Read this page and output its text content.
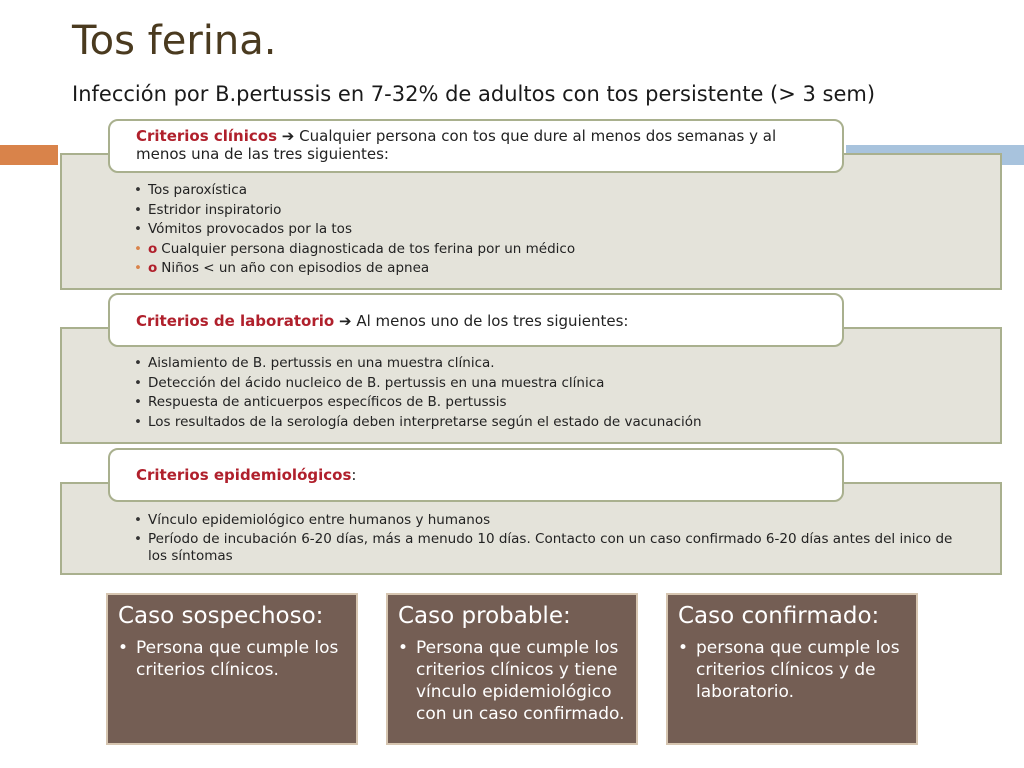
Tos ferina.
Infección por B.pertussis en 7-32% de adultos con tos persistente (> 3 sem)
• Tos paroxística
• Estridor inspiratorio
• Vómitos provocados por la tos
• o Cualquier persona diagnosticada de tos ferina por un médico
• o Niños < un año con episodios de apnea
Criterios clínicos ➔ Cualquier persona con tos que dure al menos dos semanas y al menos una de las tres siguientes:
• Aislamiento de B. pertussis en una muestra clínica.
• Detección del ácido nucleico de B. pertussis en una muestra clínica
• Respuesta de anticuerpos específicos de B. pertussis
• Los resultados de la serología deben interpretarse según el estado de vacunación
Criterios de laboratorio ➔ Al menos uno de los tres siguientes:
• Vínculo epidemiológico entre humanos y humanos
• Período de incubación 6-20 días, más a menudo 10 días. Contacto con un caso confirmado 6-20 días antes del inico de los síntomas
Criterios epidemiológicos:
Caso sospechoso:
• Persona que cumple los criterios clínicos.
Caso probable:
• Persona que cumple los criterios clínicos y tiene vínculo epidemiológico con un caso confirmado.
Caso confirmado:
• persona que cumple los criterios clínicos y de laboratorio.
